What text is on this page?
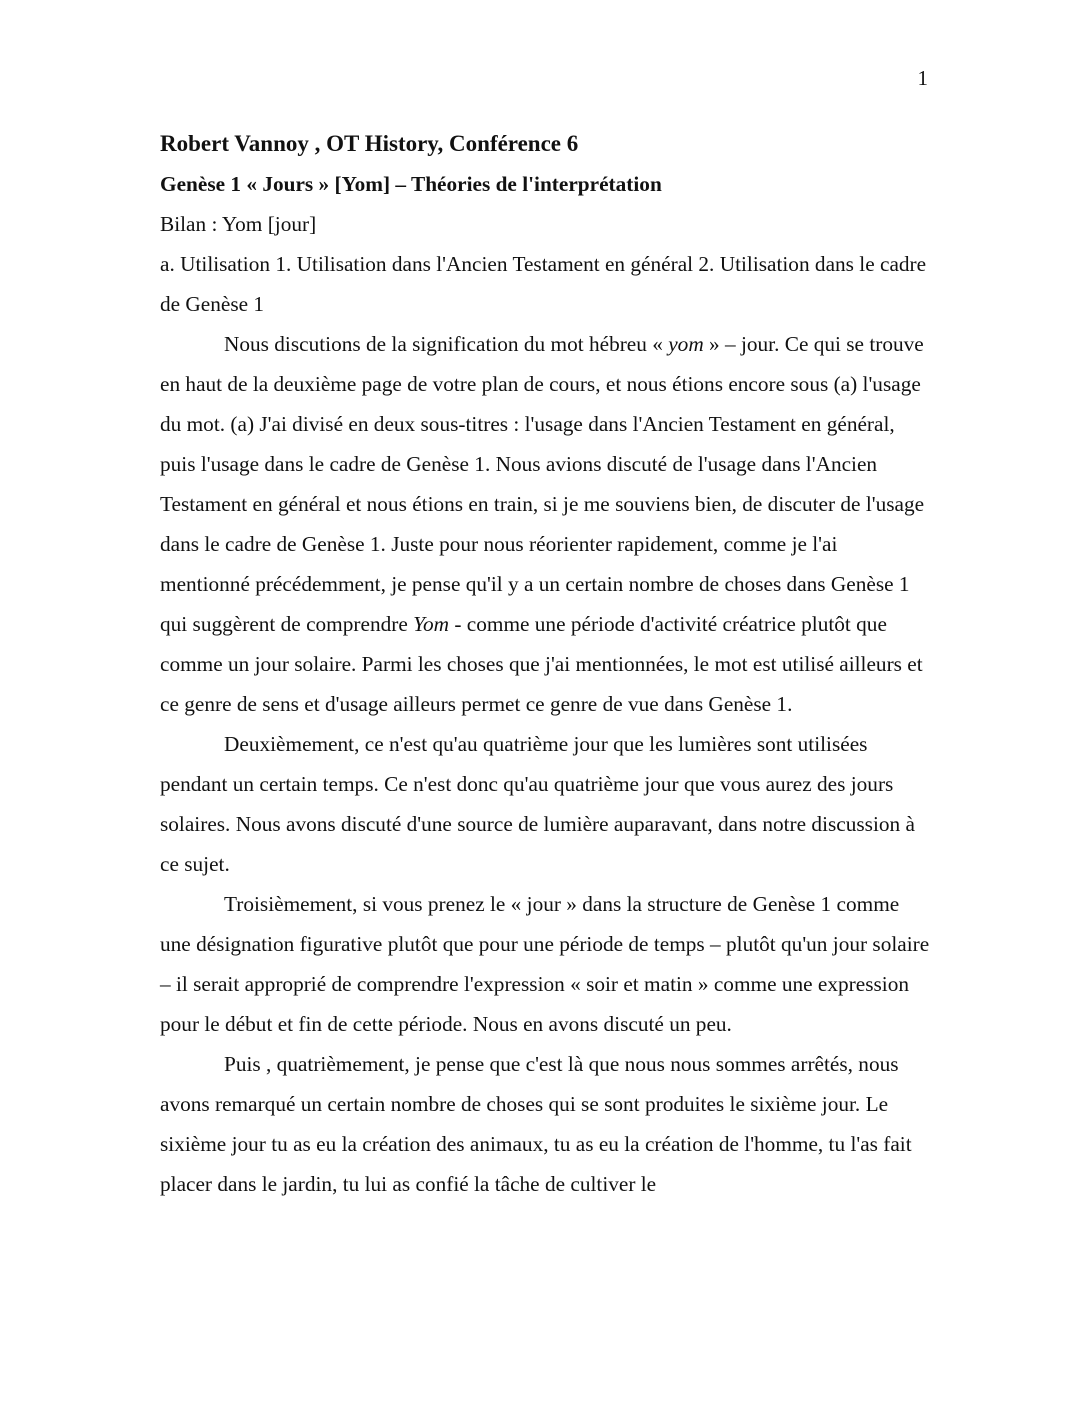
1
Robert Vannoy , OT History, Conférence 6
Genèse 1 « Jours » [Yom] – Théories de l'interprétation
Bilan : Yom [jour]
a. Utilisation 1. Utilisation dans l'Ancien Testament en général 2. Utilisation dans le cadre de Genèse 1

Nous discutions de la signification du mot hébreu « yom » – jour. Ce qui se trouve en haut de la deuxième page de votre plan de cours, et nous étions encore sous (a) l'usage du mot. (a) J'ai divisé en deux sous-titres : l'usage dans l'Ancien Testament en général, puis l'usage dans le cadre de Genèse 1. Nous avions discuté de l'usage dans l'Ancien Testament en général et nous étions en train, si je me souviens bien, de discuter de l'usage dans le cadre de Genèse 1. Juste pour nous réorienter rapidement, comme je l'ai mentionné précédemment, je pense qu'il y a un certain nombre de choses dans Genèse 1 qui suggèrent de comprendre Yom - comme une période d'activité créatrice plutôt que comme un jour solaire. Parmi les choses que j'ai mentionnées, le mot est utilisé ailleurs et ce genre de sens et d'usage ailleurs permet ce genre de vue dans Genèse 1.

Deuxièmement, ce n'est qu'au quatrième jour que les lumières sont utilisées pendant un certain temps. Ce n'est donc qu'au quatrième jour que vous aurez des jours solaires. Nous avons discuté d'une source de lumière auparavant, dans notre discussion à ce sujet.

Troisièmement, si vous prenez le « jour » dans la structure de Genèse 1 comme une désignation figurative plutôt que pour une période de temps – plutôt qu'un jour solaire – il serait approprié de comprendre l'expression « soir et matin » comme une expression pour le début et fin de cette période. Nous en avons discuté un peu.

Puis , quatrièmement, je pense que c'est là que nous nous sommes arrêtés, nous avons remarqué un certain nombre de choses qui se sont produites le sixième jour. Le sixième jour tu as eu la création des animaux, tu as eu la création de l'homme, tu l'as fait placer dans le jardin, tu lui as confié la tâche de cultiver le
